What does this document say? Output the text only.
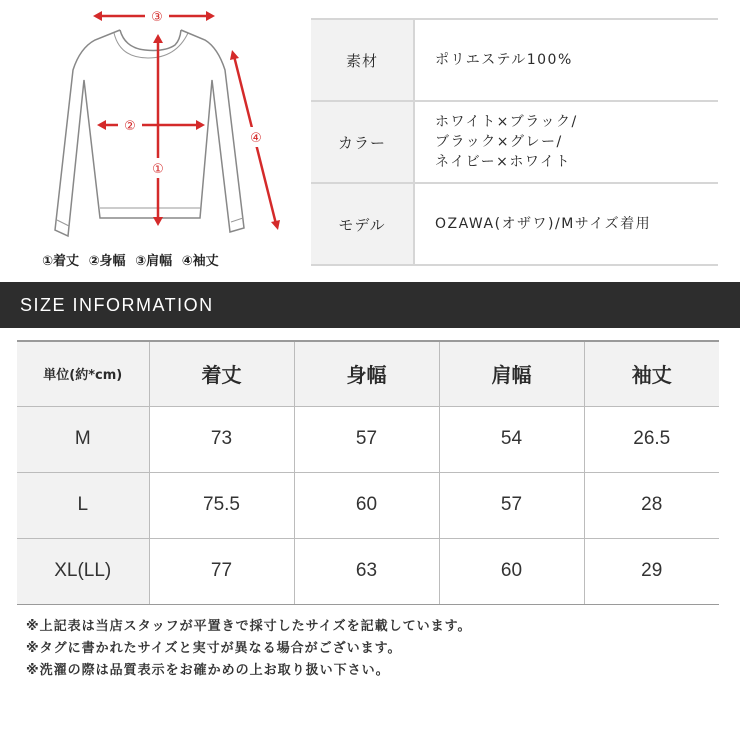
③
②
①
④
①着丈 ②身幅 ③肩幅 ④袖丈
素材	ポリエステル100%

カラー	ホワイト×ブラック/
ブラック×グレー/
ネイビー×ホワイト

モデル	OZAWA(オザワ)/Mサイズ着用
SIZE INFORMATION
単位(約*cm)	着丈	身幅	肩幅	袖丈
M	73	57	54	26.5
L	75.5	60	57	28
XL(LL)	77	63	60	29
※上記表は当店スタッフが平置きで採寸したサイズを記載しています。
※タグに書かれたサイズと実寸が異なる場合がございます。
※洗濯の際は品質表示をお確かめの上お取り扱い下さい。
